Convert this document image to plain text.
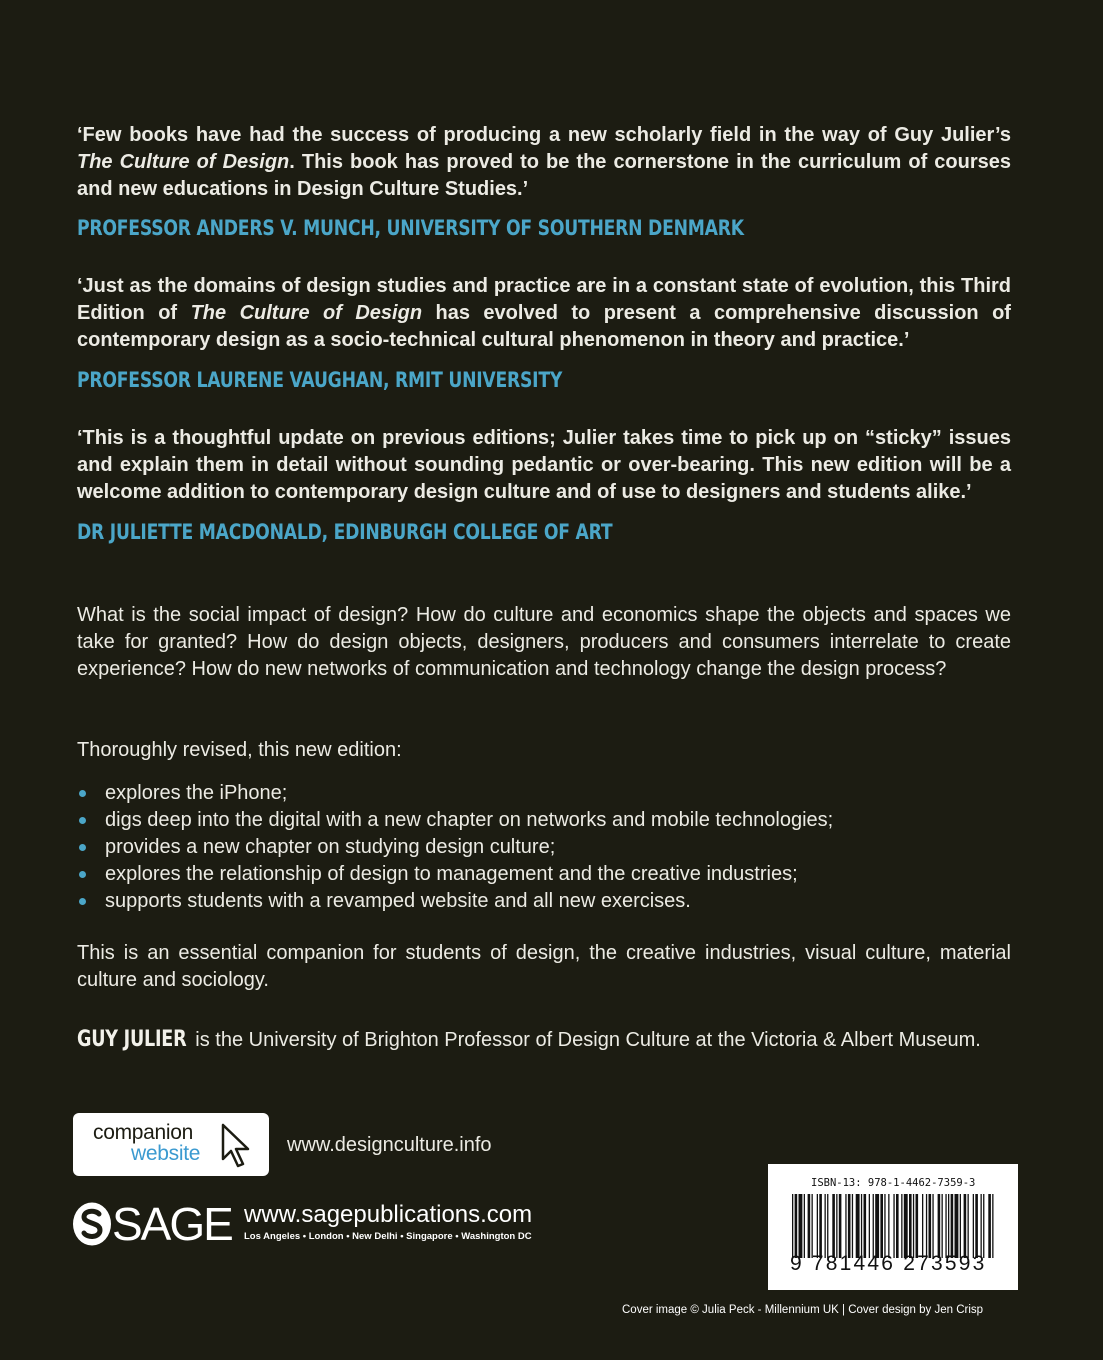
‘Few books have had the success of producing a new scholarly field in the way of Guy Julier’s The Culture of Design. This book has proved to be the cornerstone in the curriculum of courses and new educations in Design Culture Studies.’

PROFESSOR ANDERS V. MUNCH, UNIVERSITY OF SOUTHERN DENMARK

‘Just as the domains of design studies and practice are in a constant state of evolution, this Third Edition of The Culture of Design has evolved to present a comprehensive discussion of contemporary design as a socio-technical cultural phenomenon in theory and practice.’

PROFESSOR LAURENE VAUGHAN, RMIT UNIVERSITY

‘This is a thoughtful update on previous editions; Julier takes time to pick up on “sticky” issues and explain them in detail without sounding pedantic or over-bearing. This new edition will be a welcome addition to contemporary design culture and of use to designers and students alike.’

DR JULIETTE MACDONALD, EDINBURGH COLLEGE OF ART

What is the social impact of design? How do culture and economics shape the objects and spaces we take for granted? How do design objects, designers, producers and consumers interrelate to create experience? How do new networks of communication and technology change the design process?

Thoroughly revised, this new edition:

explores the iPhone;
digs deep into the digital with a new chapter on networks and mobile technologies;
provides a new chapter on studying design culture;
explores the relationship of design to management and the creative industries;
supports students with a revamped website and all new exercises.

This is an essential companion for students of design, the creative industries, visual culture, material culture and sociology.

GUY JULIER is the University of Brighton Professor of Design Culture at the Victoria & Albert Museum.
companion
website	www.designculture.info
SAGE www.sagepublications.com
Los Angeles • London • New Delhi • Singapore • Washington DC
ISBN-13: 978-1-4462-7359-3
9 781446 273593
Cover image © Julia Peck - Millennium UK | Cover design by Jen Crisp
